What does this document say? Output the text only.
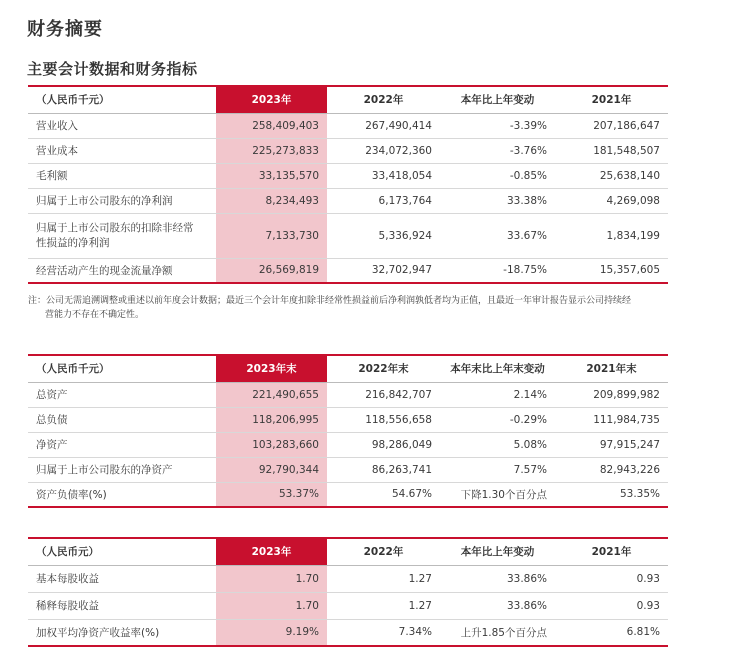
财务摘要
主要会计数据和财务指标
（人民币千元）	2023年	2022年	本年比上年变动	2021年
营业收入	258,409,403	267,490,414	-3.39%	207,186,647
营业成本	225,273,833	234,072,360	-3.76%	181,548,507
毛利额	33,135,570	33,418,054	-0.85%	25,638,140
归属于上市公司股东的净利润	8,234,493	6,173,764	33.38%	4,269,098
归属于上市公司股东的扣除非经常性损益的净利润	7,133,730	5,336,924	33.67%	1,834,199
经营活动产生的现金流量净额	26,569,819	32,702,947	-18.75%	15,357,605
注：公司无需追溯调整或重述以前年度会计数据；最近三个会计年度扣除非经常性损益前后净利润孰低者均为正值，且最近一年审计报告显示公司持续经
营能力不存在不确定性。
（人民币千元）	2023年末	2022年末	本年末比上年末变动	2021年末
总资产	221,490,655	216,842,707	2.14%	209,899,982
总负债	118,206,995	118,556,658	-0.29%	111,984,735
净资产	103,283,660	98,286,049	5.08%	97,915,247
归属于上市公司股东的净资产	92,790,344	86,263,741	7.57%	82,943,226
资产负债率(%)	53.37%	54.67%	下降1.30个百分点	53.35%
（人民币元）	2023年	2022年	本年比上年变动	2021年
基本每股收益	1.70	1.27	33.86%	0.93
稀释每股收益	1.70	1.27	33.86%	0.93
加权平均净资产收益率(%)	9.19%	7.34%	上升1.85个百分点	6.81%
